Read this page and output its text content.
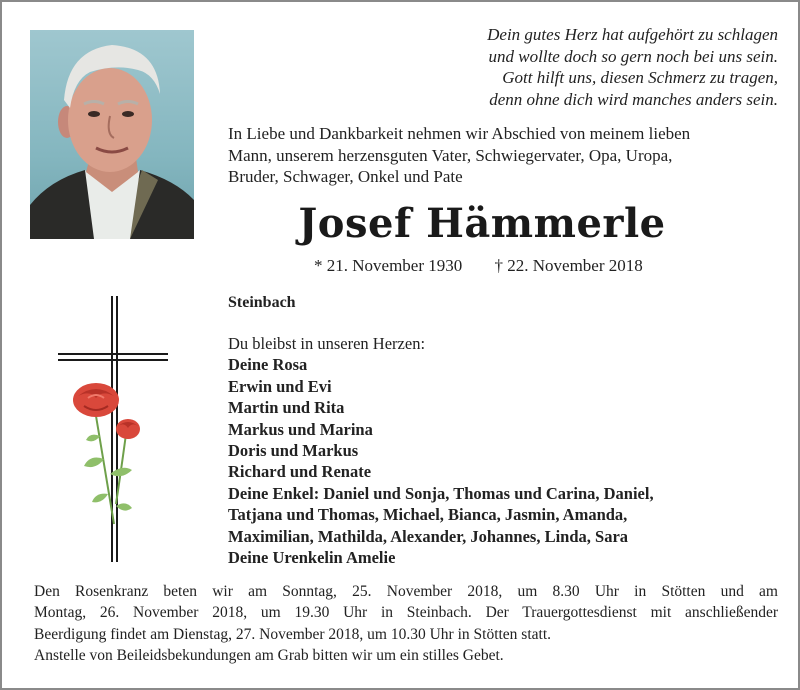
Dein gutes Herz hat aufgehört zu schlagen
und wollte doch so gern noch bei uns sein.
Gott hilft uns, diesen Schmerz zu tragen,
denn ohne dich wird manches anders sein.
In Liebe und Dankbarkeit nehmen wir Abschied von meinem lieben
Mann, unserem herzensguten Vater, Schwiegervater, Opa, Uropa,
Bruder, Schwager, Onkel und Pate
Josef Hämmerle
* 21. November 1930 † 22. November 2018
Steinbach
Du bleibst in unseren Herzen:
Deine Rosa
Erwin und Evi
Martin und Rita
Markus und Marina
Doris und Markus
Richard und Renate
Deine Enkel: Daniel und Sonja, Thomas und Carina, Daniel,
Tatjana und Thomas, Michael, Bianca, Jasmin, Amanda,
Maximilian, Mathilda, Alexander, Johannes, Linda, Sara
Deine Urenkelin Amelie
Den Rosenkranz beten wir am Sonntag, 25. November 2018, um 8.30 Uhr in Stötten und am
Montag, 26. November 2018, um 19.30 Uhr in Steinbach. Der Trauergottesdienst mit anschließender
Beerdigung findet am Dienstag, 27. November 2018, um 10.30 Uhr in Stötten statt.
Anstelle von Beileidsbekundungen am Grab bitten wir um ein stilles Gebet.
